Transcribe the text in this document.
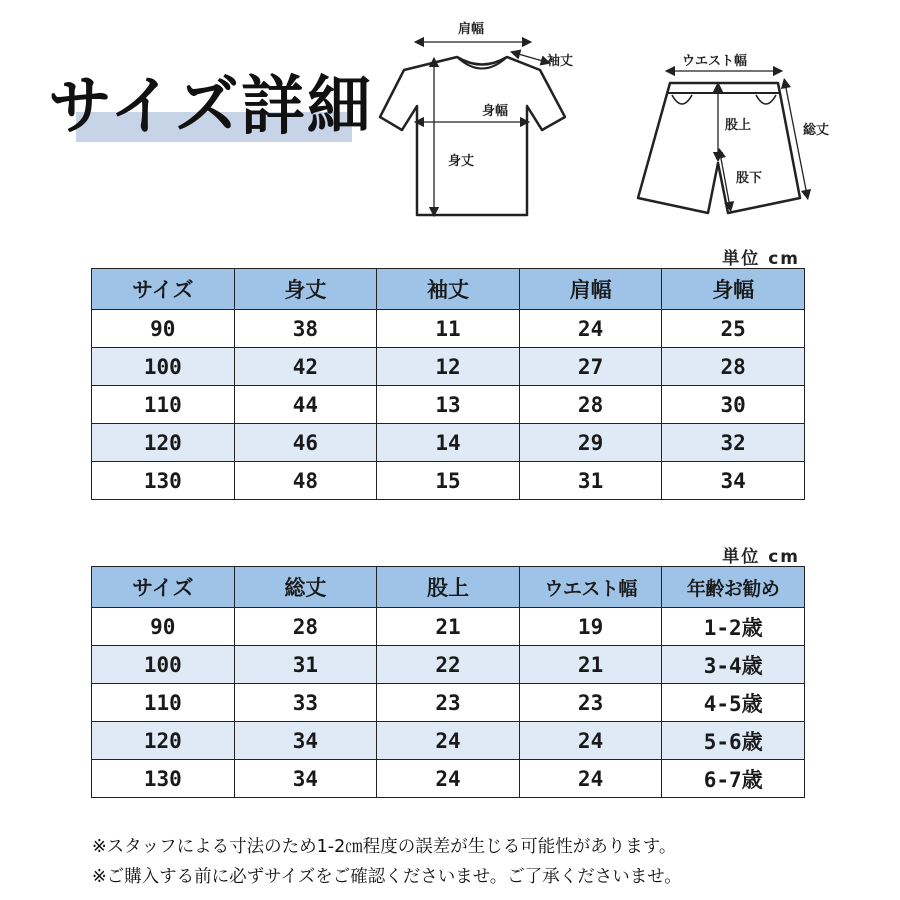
サイズ詳細
肩幅
袖丈
身幅
身丈
ウエスト幅
股上
股下
総丈
単位 cm
サイズ	身丈	袖丈	肩幅	身幅
90	38	11	24	25
100	42	12	27	28
110	44	13	28	30
120	46	14	29	32
130	48	15	31	34
単位 cm
サイズ	総丈	股上	ウエスト幅	年齢お勧め
90	28	21	19	1-2歳
100	31	22	21	3-4歳
110	33	23	23	4-5歳
120	34	24	24	5-6歳
130	34	24	24	6-7歳
※スタッフによる寸法のため1-2㎝程度の誤差が生じる可能性があります。
※ご購入する前に必ずサイズをご確認くださいませ。ご了承くださいませ。
